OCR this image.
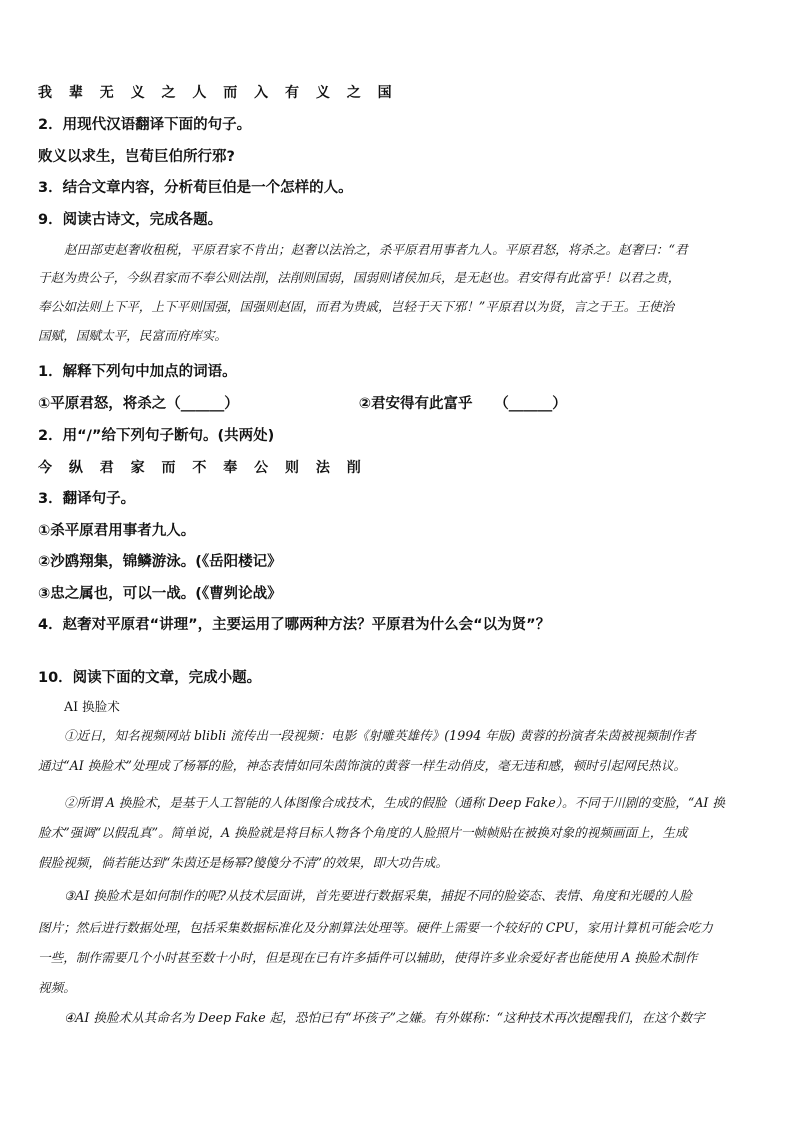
我 辈 无 义 之 人 而 入 有 义 之 国
2．用现代汉语翻译下面的句子。
败义以求生，岂荀巨伯所行邪?
3．结合文章内容，分析荀巨伯是一个怎样的人。
9．阅读古诗文，完成各题。
赵田部吏赵奢收租税，平原君家不肯出；赵奢以法治之，杀平原君用事者九人。平原君怒，将杀之。赵奢曰：“君
于赵为贵公子，今纵君家而不奉公则法削，法削则国弱，国弱则诸侯加兵，是无赵也。君安得有此富乎！以君之贵，
奉公如法则上下平，上下平则国强，国强则赵固，而君为贵戚，岂轻于天下邪！”平原君以为贤，言之于王。王使治
国赋，国赋太平，民富而府库实。
1．解释下列句中加点的词语。
①平原君怒，将杀之（______）	②君安得有此富乎　　（______）
2．用“/”给下列句子断句。(共两处)
今 纵 君 家 而 不 奉 公 则 法 削
3．翻译句子。
①杀平原君用事者九人。
②沙鸥翔集，锦鳞游泳。(《岳阳楼记》
③忠之属也，可以一战。(《曹刿论战》
4．赵奢对平原君“讲理”，主要运用了哪两种方法？平原君为什么会“以为贤”？
10．阅读下面的文章，完成小题。
AI 换脸术
①近日，知名视频网站 blibli 流传出一段视频：电影《射雕英雄传》(1994 年版) 黄蓉的扮演者朱茵被视频制作者
通过“AI 换脸术”处理成了杨幂的脸，神态表情如同朱茵饰演的黄蓉一样生动俏皮，毫无违和感，顿时引起网民热议。
②所谓 A 换脸术，是基于人工智能的人体图像合成技术，生成的假脸（通称 Deep Fake）。不同于川剧的变脸，“AI 换
脸术”强调“以假乱真”。简单说，A 换脸就是将目标人物各个角度的人脸照片一帧帧贴在被换对象的视频画面上，生成
假脸视频，倘若能达到“朱茵还是杨幂?傻傻分不清”的效果，即大功告成。
③AI 换脸术是如何制作的呢?从技术层面讲，首先要进行数据采集，捕捉不同的脸姿态、表情、角度和光暖的人脸
图片；然后进行数据处理，包括采集数据标准化及分割算法处理等。硬件上需要一个较好的 CPU，家用计算机可能会吃力
一些，制作需要几个小时甚至数十小时，但是现在已有许多插件可以辅助，使得许多业余爱好者也能使用 A 换脸术制作
视频。
④AI 换脸术从其命名为 Deep Fake 起，恐怕已有“坏孩子”之嫌。有外媒称：“这种技术再次提醒我们，在这个数字
